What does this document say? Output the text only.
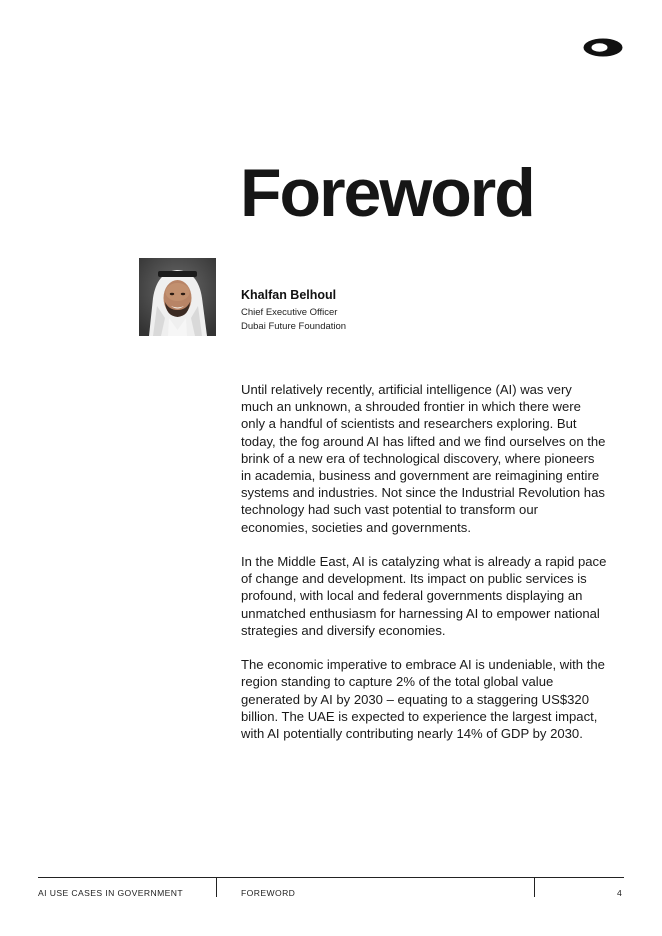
Foreword
Khalfan Belhoul
Chief Executive Officer
Dubai Future Foundation

Until relatively recently, artificial intelligence (AI) was very much an unknown, a shrouded frontier in which there were only a handful of scientists and researchers exploring. But today, the fog around AI has lifted and we find ourselves on the brink of a new era of technological discovery, where pioneers in academia, business and government are reimagining entire systems and industries. Not since the Industrial Revolution has technology had such vast potential to transform our economies, societies and governments.

In the Middle East, AI is catalyzing what is already a rapid pace of change and development. Its impact on public services is profound, with local and federal governments displaying an unmatched enthusiasm for harnessing AI to empower national strategies and diversify economies.

The economic imperative to embrace AI is undeniable, with the region standing to capture 2% of the total global value generated by AI by 2030 – equating to a staggering US$320 billion. The UAE is expected to experience the largest impact, with AI potentially contributing nearly 14% of GDP by 2030.

AI USE CASES IN GOVERNMENT	FOREWORD	4
